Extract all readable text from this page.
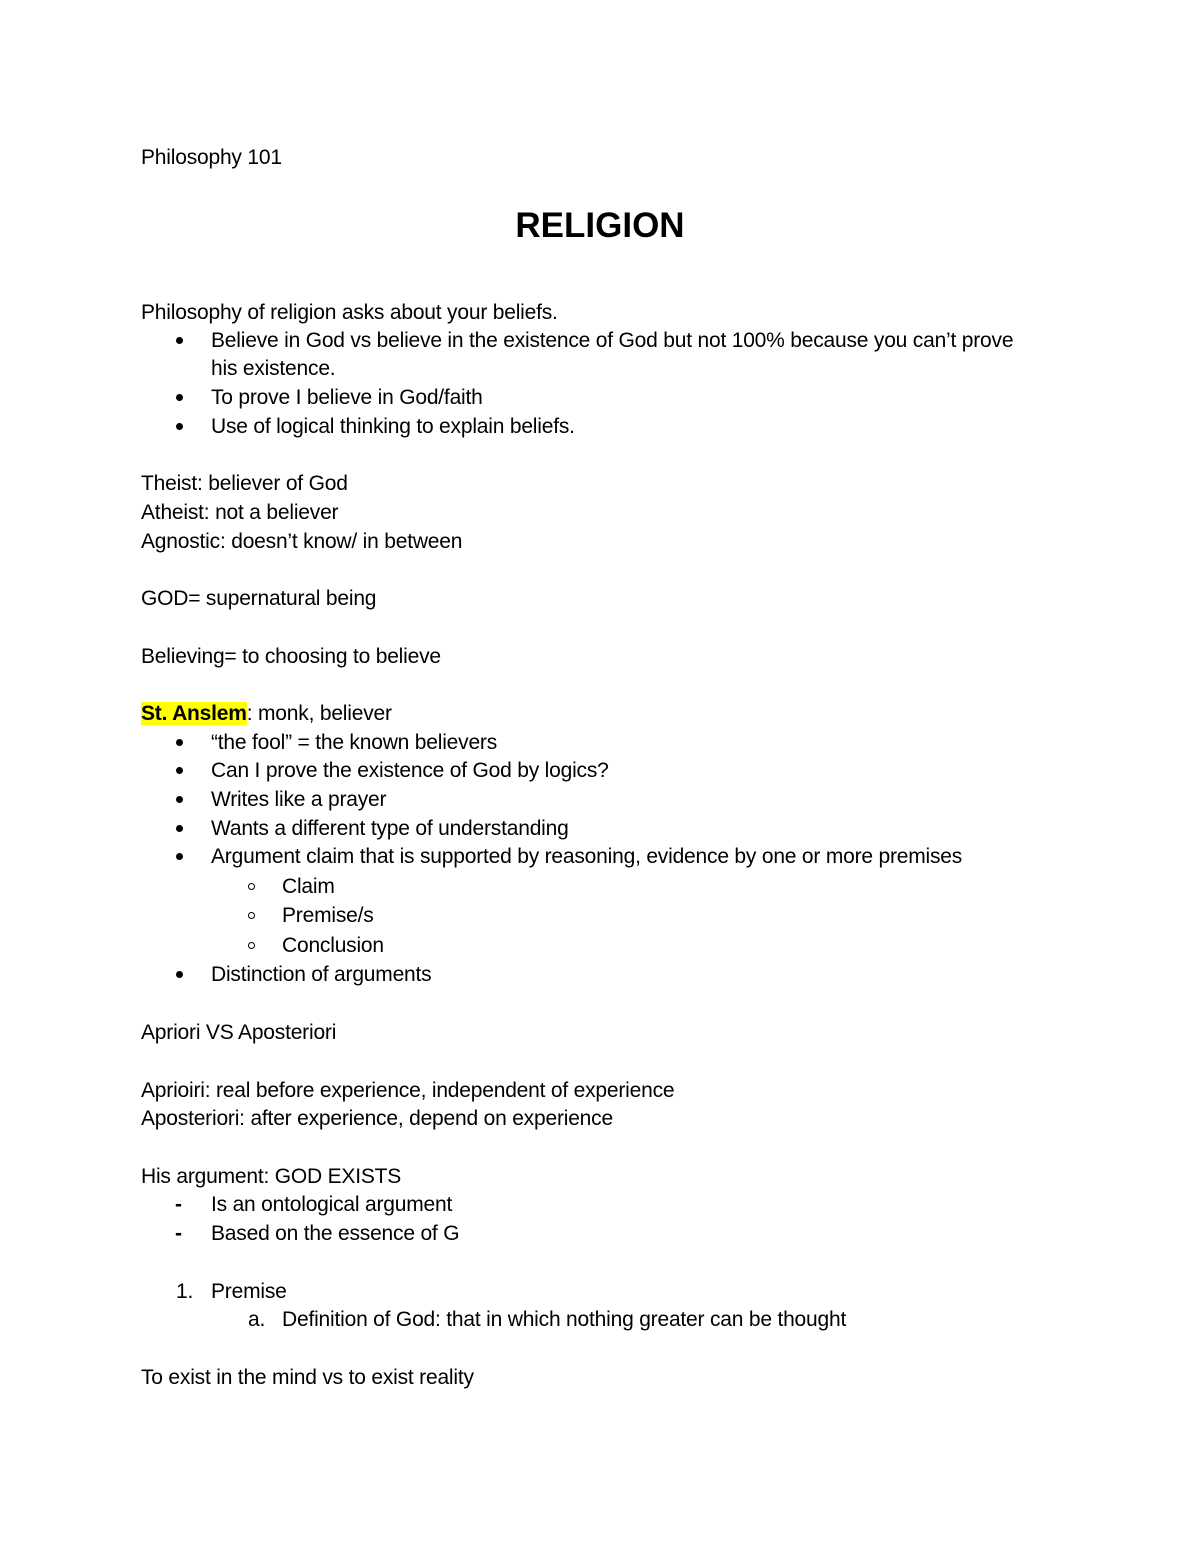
Philosophy 101
RELIGION
Philosophy of religion asks about your beliefs.
Believe in God vs believe in the existence of God but not 100% because you can’t prove
his existence.
To prove I believe in God/faith
Use of logical thinking to explain beliefs.
Theist: believer of God
Atheist: not a believer
Agnostic: doesn’t know/ in between
GOD= supernatural being
Believing= to choosing to believe
St. Anslem: monk, believer
“the fool” = the known believers
Can I prove the existence of God by logics?
Writes like a prayer
Wants a different type of understanding
Argument claim that is supported by reasoning, evidence by one or more premises
Claim
Premise/s
Conclusion
Distinction of arguments
Apriori VS Aposteriori
Aprioiri: real before experience, independent of experience
Aposteriori: after experience, depend on experience
His argument: GOD EXISTS
- Is an ontological argument
- Based on the essence of G
1. Premise
a. Definition of God: that in which nothing greater can be thought
To exist in the mind vs to exist reality
